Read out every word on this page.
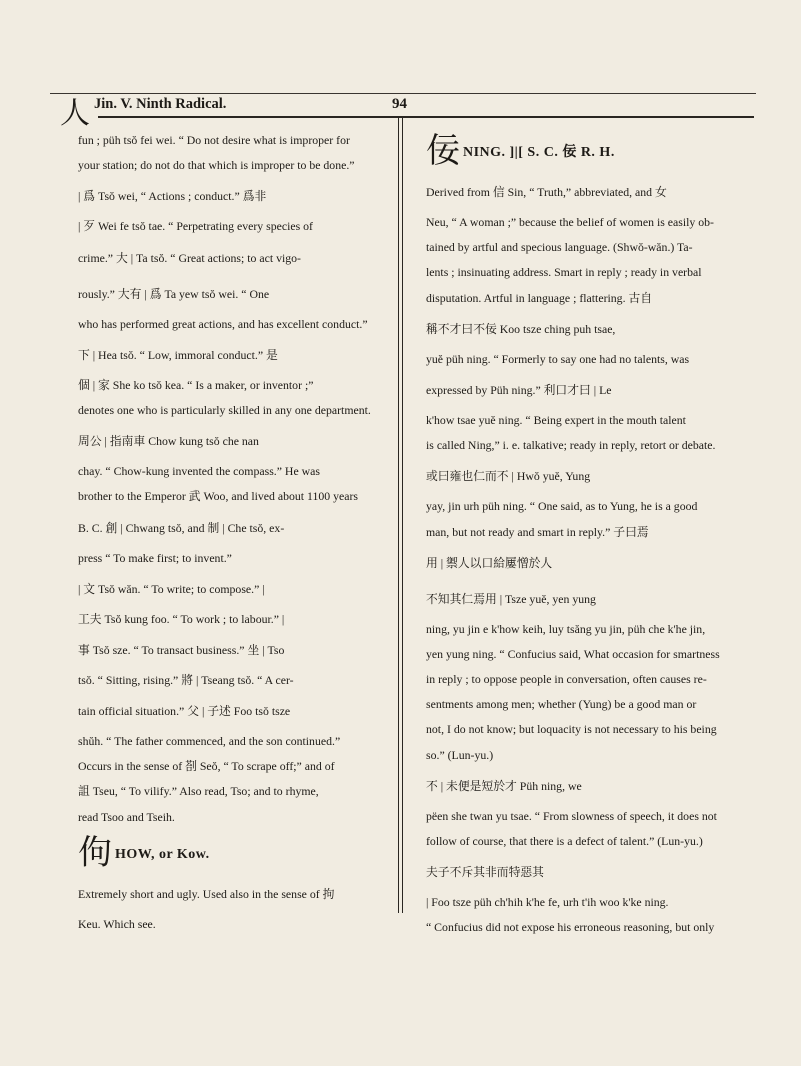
人 Jin. V. Ninth Radical.	94
fun ; püh tsŏ fei wei. “ Do not desire what is improper for
your station; do not do that which is improper to be done.”
| 爲 Tsŏ wei, “ Actions ; conduct.” 爲非
| 歹 Wei fe tsŏ tae. “ Perpetrating every species of
crime.” 大 | Ta tsŏ. “ Great actions; to act vigo-
rously.” 大有 | 爲 Ta yew tsŏ wei. “ One
who has performed great actions, and has excellent conduct.”
下 | Hea tsŏ. “ Low, immoral conduct.” 是
個 | 家 She ko tsŏ kea. “ Is a maker, or inventor ;”
denotes one who is particularly skilled in any one department.
周公 | 指南車 Chow kung tsŏ che nan
chay. “ Chow-kung invented the compass.” He was
brother to the Emperor 武 Woo, and lived about 1100 years
B. C. 創 | Chwang tsŏ, and 制 | Che tsŏ, ex-
press “ To make first; to invent.”
| 文 Tsŏ wăn. “ To write; to compose.” |
工夫 Tsŏ kung foo. “ To work ; to labour.” |
事 Tsŏ sze. “ To transact business.” 坐 | Tso
tsŏ. “ Sitting, rising.” 將 | Tseang tsŏ. “ A cer-
tain official situation.” 父 | 子述 Foo tsŏ tsze
shŭh. “ The father commenced, and the son continued.”
Occurs in the sense of 剳 Seŏ, “ To scrape off;” and of
詛 Tseu, “ To vilify.” Also read, Tso; and to rhyme,
read Tsoo and Tseih.
佝 HOW, or Kow.
Extremely short and ugly. Used also in the sense of 拘
Keu. Which see.
佞 NING. ]|[ S. C. 佞 R. H.
Derived from 信 Sin, “ Truth,” abbreviated, and 女
Neu, “ A woman ;” because the belief of women is easily ob-
tained by artful and specious language. (Shwŏ-wăn.) Ta-
lents ; insinuating address. Smart in reply ; ready in verbal
disputation. Artful in language ; flattering. 古自
稱不才曰不佞 Koo tsze ching puh tsae,
yuĕ püh ning. “ Formerly to say one had no talents, was
expressed by Püh ning.” 利口才曰 | Le
k'how tsae yuĕ ning. “ Being expert in the mouth talent
is called Ning,” i. e. talkative; ready in reply, retort or debate.
或曰雍也仁而不 | Hwŏ yuĕ, Yung
yay, jin urh püh ning. “ One said, as to Yung, he is a good
man, but not ready and smart in reply.” 子曰焉
用 | 禦人以口給屢憎於人
不知其仁焉用 | Tsze yuĕ, yen yung
ning, yu jin e k'how keih, luy tsăng yu jin, püh che k'he jin,
yen yung ning. “ Confucius said, What occasion for smartness
in reply ; to oppose people in conversation, often causes re-
sentments among men; whether (Yung) be a good man or
not, I do not know; but loquacity is not necessary to his being
so.” (Lun-yu.)
不 | 未便是短於才 Püh ning, we
pëen she twan yu tsae. “ From slowness of speech, it does not
follow of course, that there is a defect of talent.” (Lun-yu.)
夫子不斥其非而特惡其
| Foo tsze püh ch'hih k'he fe, urh t'ih woo k'ke ning.
“ Confucius did not expose his erroneous reasoning, but only
